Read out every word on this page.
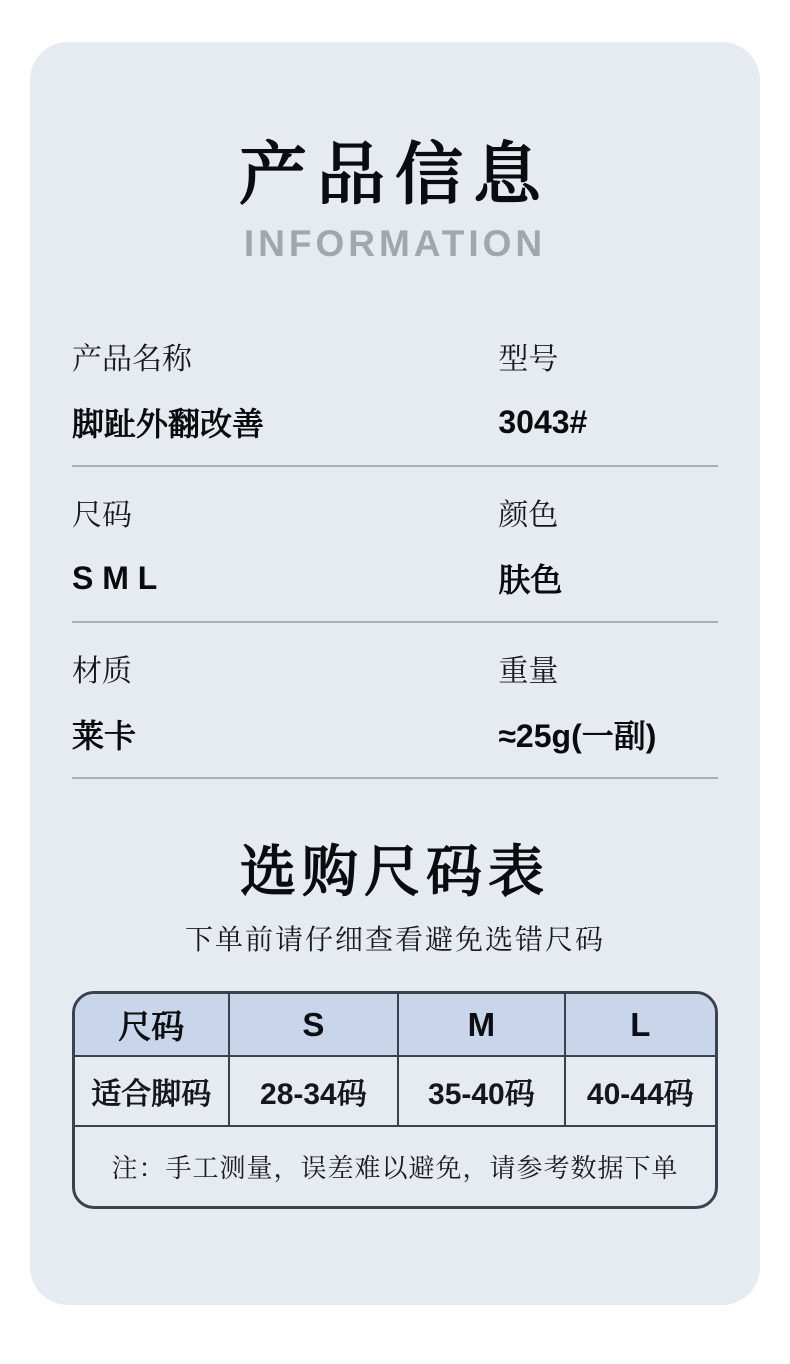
产品信息
INFORMATION
产品名称	型号
脚趾外翻改善	3043#
尺码	颜色
S M L	肤色
材质	重量
莱卡	≈25g(一副)
选购尺码表
下单前请仔细查看避免选错尺码
尺码	S	M	L
适合脚码	28-34码	35-40码	40-44码
注：手工测量，误差难以避免，请参考数据下单			
